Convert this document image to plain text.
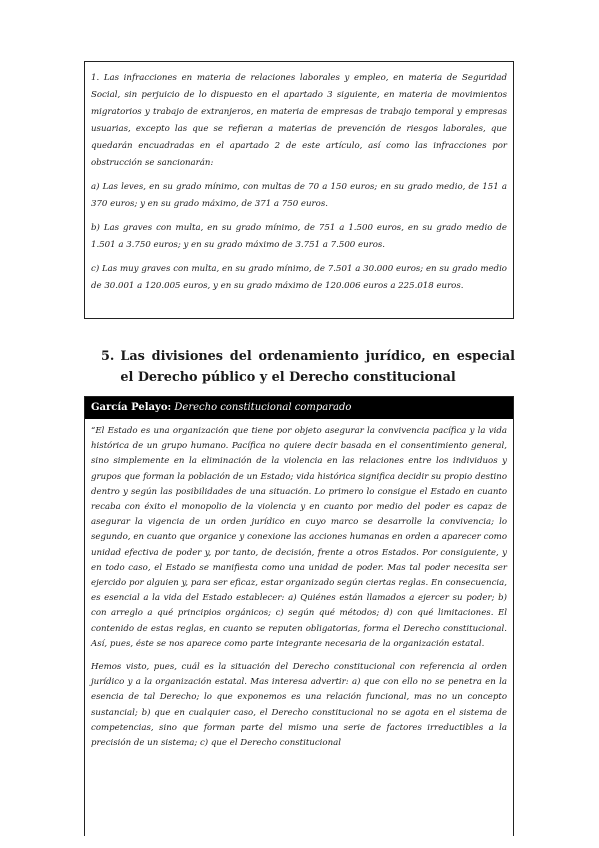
1. Las infracciones en materia de relaciones laborales y empleo, en materia de Seguridad Social, sin perjuicio de lo dispuesto en el apartado 3 siguiente, en materia de movimientos migratorios y trabajo de extranjeros, en materia de empresas de trabajo temporal y empresas usuarias, excepto las que se refieran a materias de prevención de riesgos laborales, que quedarán encuadradas en el apartado 2 de este artículo, así como las infracciones por obstrucción se sancionarán:

a) Las leves, en su grado mínimo, con multas de 70 a 150 euros; en su grado medio, de 151 a 370 euros; y en su grado máximo, de 371 a 750 euros.

b) Las graves con multa, en su grado mínimo, de 751 a 1.500 euros, en su grado medio de 1.501 a 3.750 euros; y en su grado máximo de 3.751 a 7.500 euros.

c) Las muy graves con multa, en su grado mínimo, de 7.501 a 30.000 euros; en su grado medio de 30.001 a 120.005 euros, y en su grado máximo de 120.006 euros a 225.018 euros.

5. Las divisiones del ordenamiento jurídico, en especial el Derecho público y el Derecho constitucional
García Pelayo: Derecho constitucional comparado

“El Estado es una organización que tiene por objeto asegurar la convivencia pacífica y la vida histórica de un grupo humano. Pacífica no quiere decir basada en el consentimiento general, sino simplemente en la eliminación de la violencia en las relaciones entre los individuos y grupos que forman la población de un Estado; vida histórica significa decidir su propio destino dentro y según las posibilidades de una situación. Lo primero lo consigue el Estado en cuanto recaba con éxito el monopolio de la violencia y en cuanto por medio del poder es capaz de asegurar la vigencia de un orden jurídico en cuyo marco se desarrolle la convivencia; lo segundo, en cuanto que organice y conexione las acciones humanas en orden a aparecer como unidad efectiva de poder y, por tanto, de decisión, frente a otros Estados. Por consiguiente, y en todo caso, el Estado se manifiesta como una unidad de poder. Mas tal poder necesita ser ejercido por alguien y, para ser eficaz, estar organizado según ciertas reglas. En consecuencia, es esencial a la vida del Estado establecer: a) Quiénes están llamados a ejercer su poder; b) con arreglo a qué principios orgánicos; c) según qué métodos; d) con qué limitaciones. El contenido de estas reglas, en cuanto se reputen obligatorias, forma el Derecho constitucional. Así, pues, éste se nos aparece como parte integrante necesaria de la organización estatal.

Hemos visto, pues, cuál es la situación del Derecho constitucional con referencia al orden jurídico y a la organización estatal. Mas interesa advertir: a) que con ello no se penetra en la esencia de tal Derecho; lo que exponemos es una relación funcional, mas no un concepto sustancial; b) que en cualquier caso, el Derecho constitucional no se agota en el sistema de competencias, sino que forman parte del mismo una serie de factores irreductibles a la precisión de un sistema; c) que el Derecho constitucional
